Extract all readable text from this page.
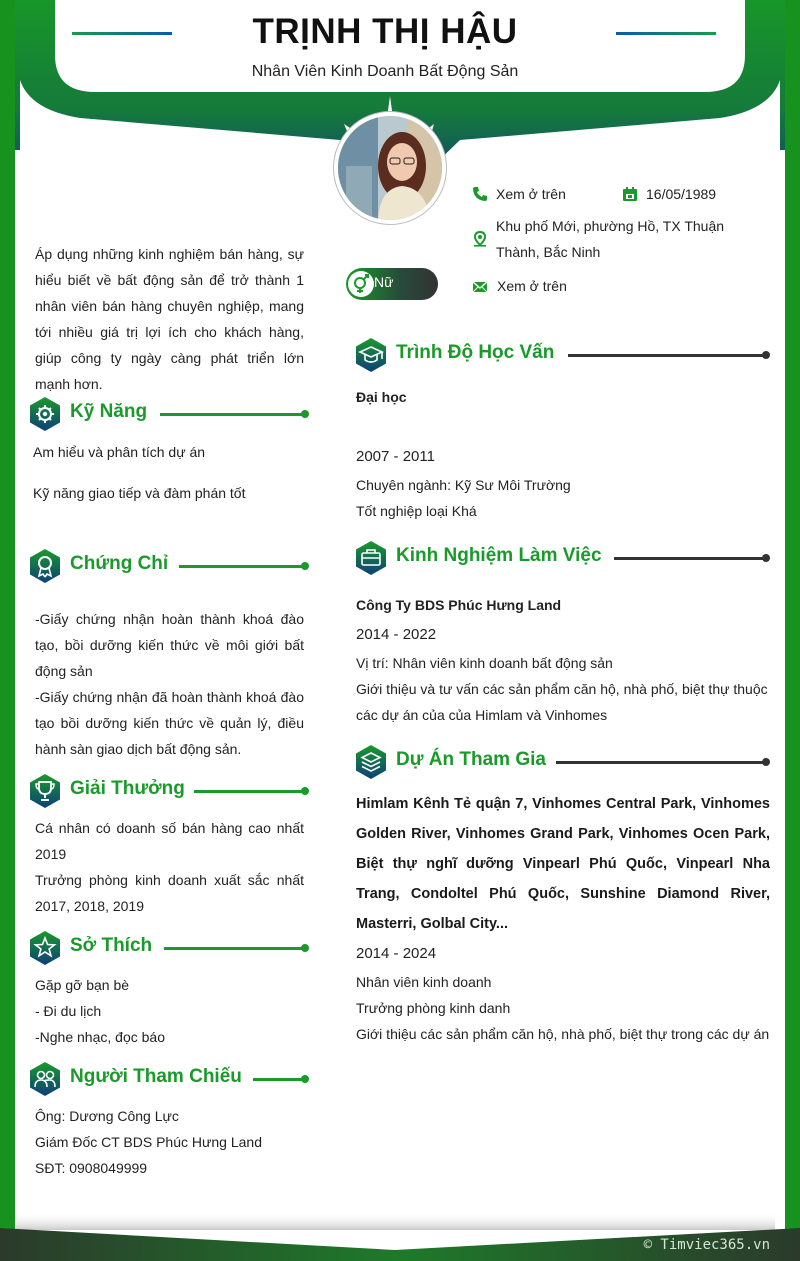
TRỊNH THỊ HẬU
Nhân Viên Kinh Doanh Bất Động Sản
Xem ở trên	16/05/1989
Khu phố Mới, phường Hồ, TX Thuận Thành, Bắc Ninh
Xem ở trên
Nữ
Áp dụng những kinh nghiệm bán hàng, sự hiểu biết về bất động sản để trở thành 1 nhân viên bán hàng chuyên nghiệp, mang tới nhiều giá trị lợi ích cho khách hàng, giúp công ty ngày càng phát triển lớn mạnh hơn.
Kỹ Năng
Am hiểu và phân tích dự án
Kỹ năng giao tiếp và đàm phán tốt
Chứng Chỉ
-Giấy chứng nhận hoàn thành khoá đào tạo, bồi dưỡng kiến thức về môi giới bất động sản
-Giấy chứng nhận đã hoàn thành khoá đào tạo bồi dưỡng kiến thức về quản lý, điều hành sàn giao dịch bất động sản.
Giải Thưởng
Cá nhân có doanh số bán hàng cao nhất 2019
Trưởng phòng kinh doanh xuất sắc nhất 2017, 2018, 2019
Sở Thích
Gặp gỡ bạn bè
- Đi du lịch
-Nghe nhạc, đọc báo
Người Tham Chiếu
Ông: Dương Công Lực
Giám Đốc CT BDS Phúc Hưng Land
SĐT: 0908049999
Trình Độ Học Vấn
Đại học
2007 - 2011
Chuyên ngành: Kỹ Sư Môi Trường
Tốt nghiệp loại Khá
Kinh Nghiệm Làm Việc
Công Ty BDS Phúc Hưng Land
2014 - 2022
Vị trí: Nhân viên kinh doanh bất động sản
Giới thiệu và tư vấn các sản phẩm căn hộ, nhà phố, biệt thự thuộc các dự án của của Himlam và Vinhomes
Dự Án Tham Gia
Himlam Kênh Tẻ quận 7, Vinhomes Central Park, Vinhomes Golden River, Vinhomes Grand Park, Vinhomes Ocen Park, Biệt thự nghĩ dưỡng Vinpearl Phú Quốc, Vinpearl Nha Trang, Condoltel Phú Quốc, Sunshine Diamond River, Masterri, Golbal City...
2014 - 2024
Nhân viên kinh doanh
Trưởng phòng kinh danh
Giới thiệu các sản phẩm căn hộ, nhà phố, biệt thự trong các dự án
© Timviec365.vn
